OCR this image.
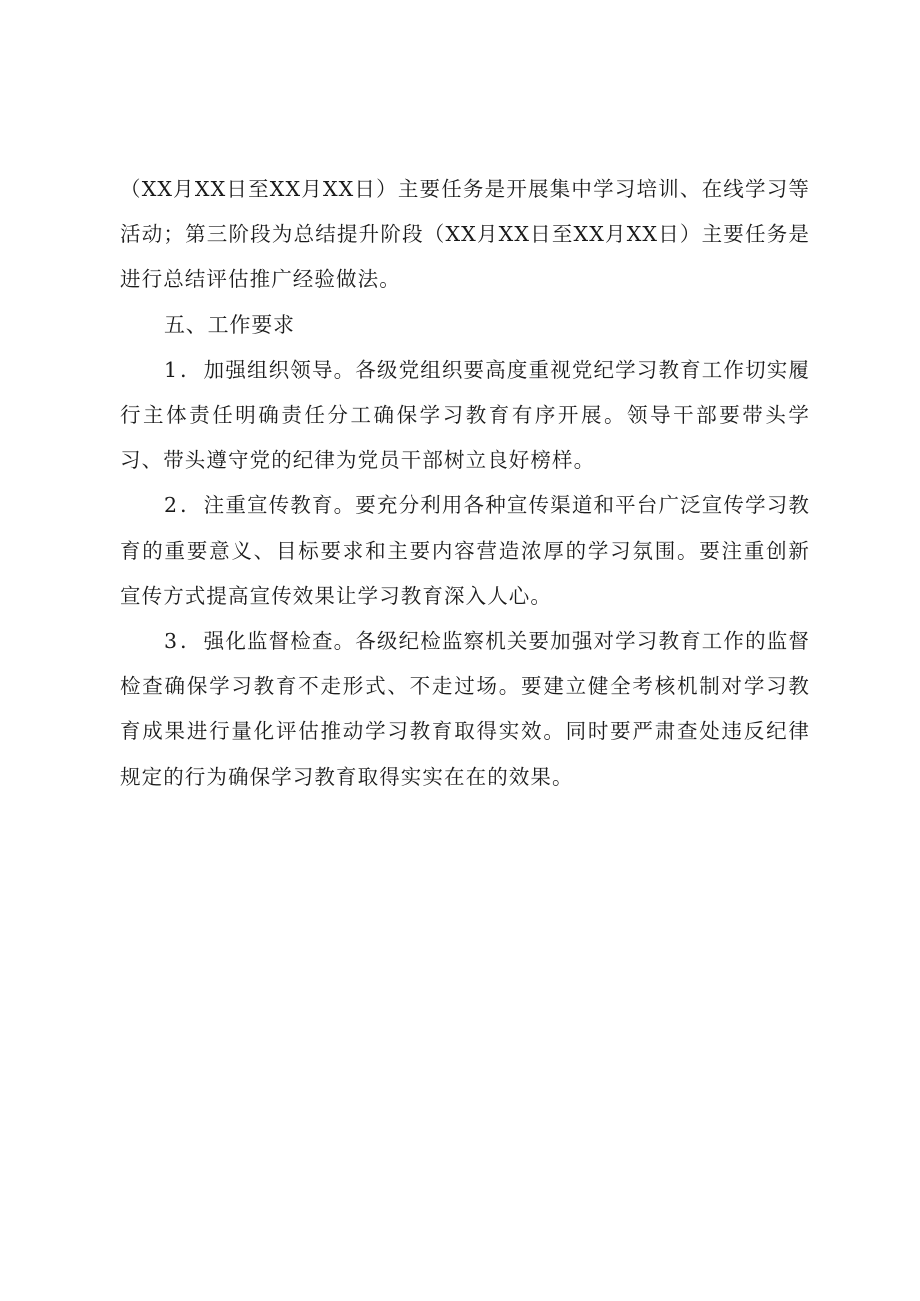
（XX月XX日至XX月XX日）主要任务是开展集中学习培训、在线学习等活动；第三阶段为总结提升阶段（XX月XX日至XX月XX日）主要任务是进行总结评估推广经验做法。

五、工作要求

1．加强组织领导。各级党组织要高度重视党纪学习教育工作切实履行主体责任明确责任分工确保学习教育有序开展。领导干部要带头学习、带头遵守党的纪律为党员干部树立良好榜样。

2．注重宣传教育。要充分利用各种宣传渠道和平台广泛宣传学习教育的重要意义、目标要求和主要内容营造浓厚的学习氛围。要注重创新宣传方式提高宣传效果让学习教育深入人心。

3．强化监督检查。各级纪检监察机关要加强对学习教育工作的监督检查确保学习教育不走形式、不走过场。要建立健全考核机制对学习教育成果进行量化评估推动学习教育取得实效。同时要严肃查处违反纪律规定的行为确保学习教育取得实实在在的效果。
